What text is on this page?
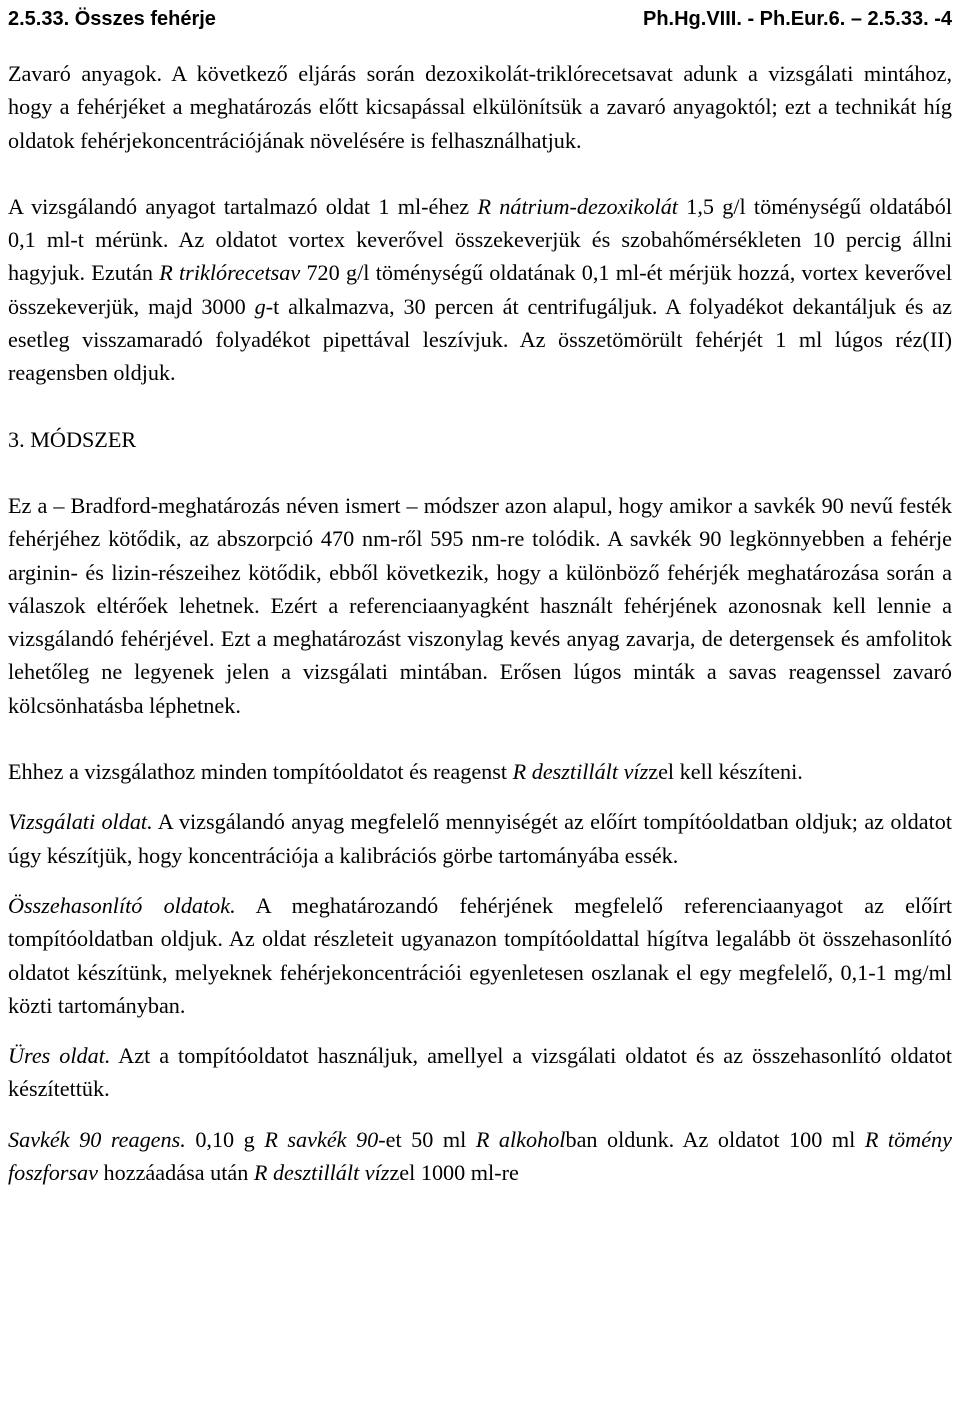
2.5.33. Összes fehérje	Ph.Hg.VIII. - Ph.Eur.6. – 2.5.33. -4

Zavaró anyagok. A következő eljárás során dezoxikolát-triklórecetsavat adunk a vizsgálati mintához, hogy a fehérjéket a meghatározás előtt kicsapással elkülönítsük a zavaró anyagoktól; ezt a technikát híg oldatok fehérjekoncentrációjának növelésére is felhasználhatjuk.

A vizsgálandó anyagot tartalmazó oldat 1 ml-éhez R nátrium-dezoxikolát 1,5 g/l töménységű oldatából 0,1 ml-t mérünk. Az oldatot vortex keverővel összekeverjük és szobahőmérsékleten 10 percig állni hagyjuk. Ezután R triklórecetsav 720 g/l töménységű oldatának 0,1 ml-ét mérjük hozzá, vortex keverővel összekeverjük, majd 3000 g-t alkalmazva, 30 percen át centrifugáljuk. A folyadékot dekantáljuk és az esetleg visszamaradó folyadékot pipettával leszívjuk. Az összetömörült fehérjét 1 ml lúgos réz(II) reagensben oldjuk.

3. MÓDSZER

Ez a – Bradford-meghatározás néven ismert – módszer azon alapul, hogy amikor a savkék 90 nevű festék fehérjéhez kötődik, az abszorpció 470 nm-ről 595 nm-re tolódik. A savkék 90 legkönnyebben a fehérje arginin- és lizin-részeihez kötődik, ebből következik, hogy a különböző fehérjék meghatározása során a válaszok eltérőek lehetnek. Ezért a referenciaanyagként használt fehérjének azonosnak kell lennie a vizsgálandó fehérjével. Ezt a meghatározást viszonylag kevés anyag zavarja, de detergensek és amfolitok lehetőleg ne legyenek jelen a vizsgálati mintában. Erősen lúgos minták a savas reagenssel zavaró kölcsönhatásba léphetnek.

Ehhez a vizsgálathoz minden tompítóoldatot és reagenst R desztillált vízzel kell készíteni.

Vizsgálati oldat. A vizsgálandó anyag megfelelő mennyiségét az előírt tompítóoldatban oldjuk; az oldatot úgy készítjük, hogy koncentrációja a kalibrációs görbe tartományába essék.

Összehasonlító oldatok. A meghatározandó fehérjének megfelelő referenciaanyagot az előírt tompítóoldatban oldjuk. Az oldat részleteit ugyanazon tompítóoldattal hígítva legalább öt összehasonlító oldatot készítünk, melyeknek fehérjekoncentrációi egyenletesen oszlanak el egy megfelelő, 0,1-1 mg/ml közti tartományban.

Üres oldat. Azt a tompítóoldatot használjuk, amellyel a vizsgálati oldatot és az összehasonlító oldatot készítettük.

Savkék 90 reagens. 0,10 g R savkék 90-et 50 ml R alkoholban oldunk. Az oldatot 100 ml R tömény foszforsav hozzáadása után R desztillált vízzel 1000 ml-re
